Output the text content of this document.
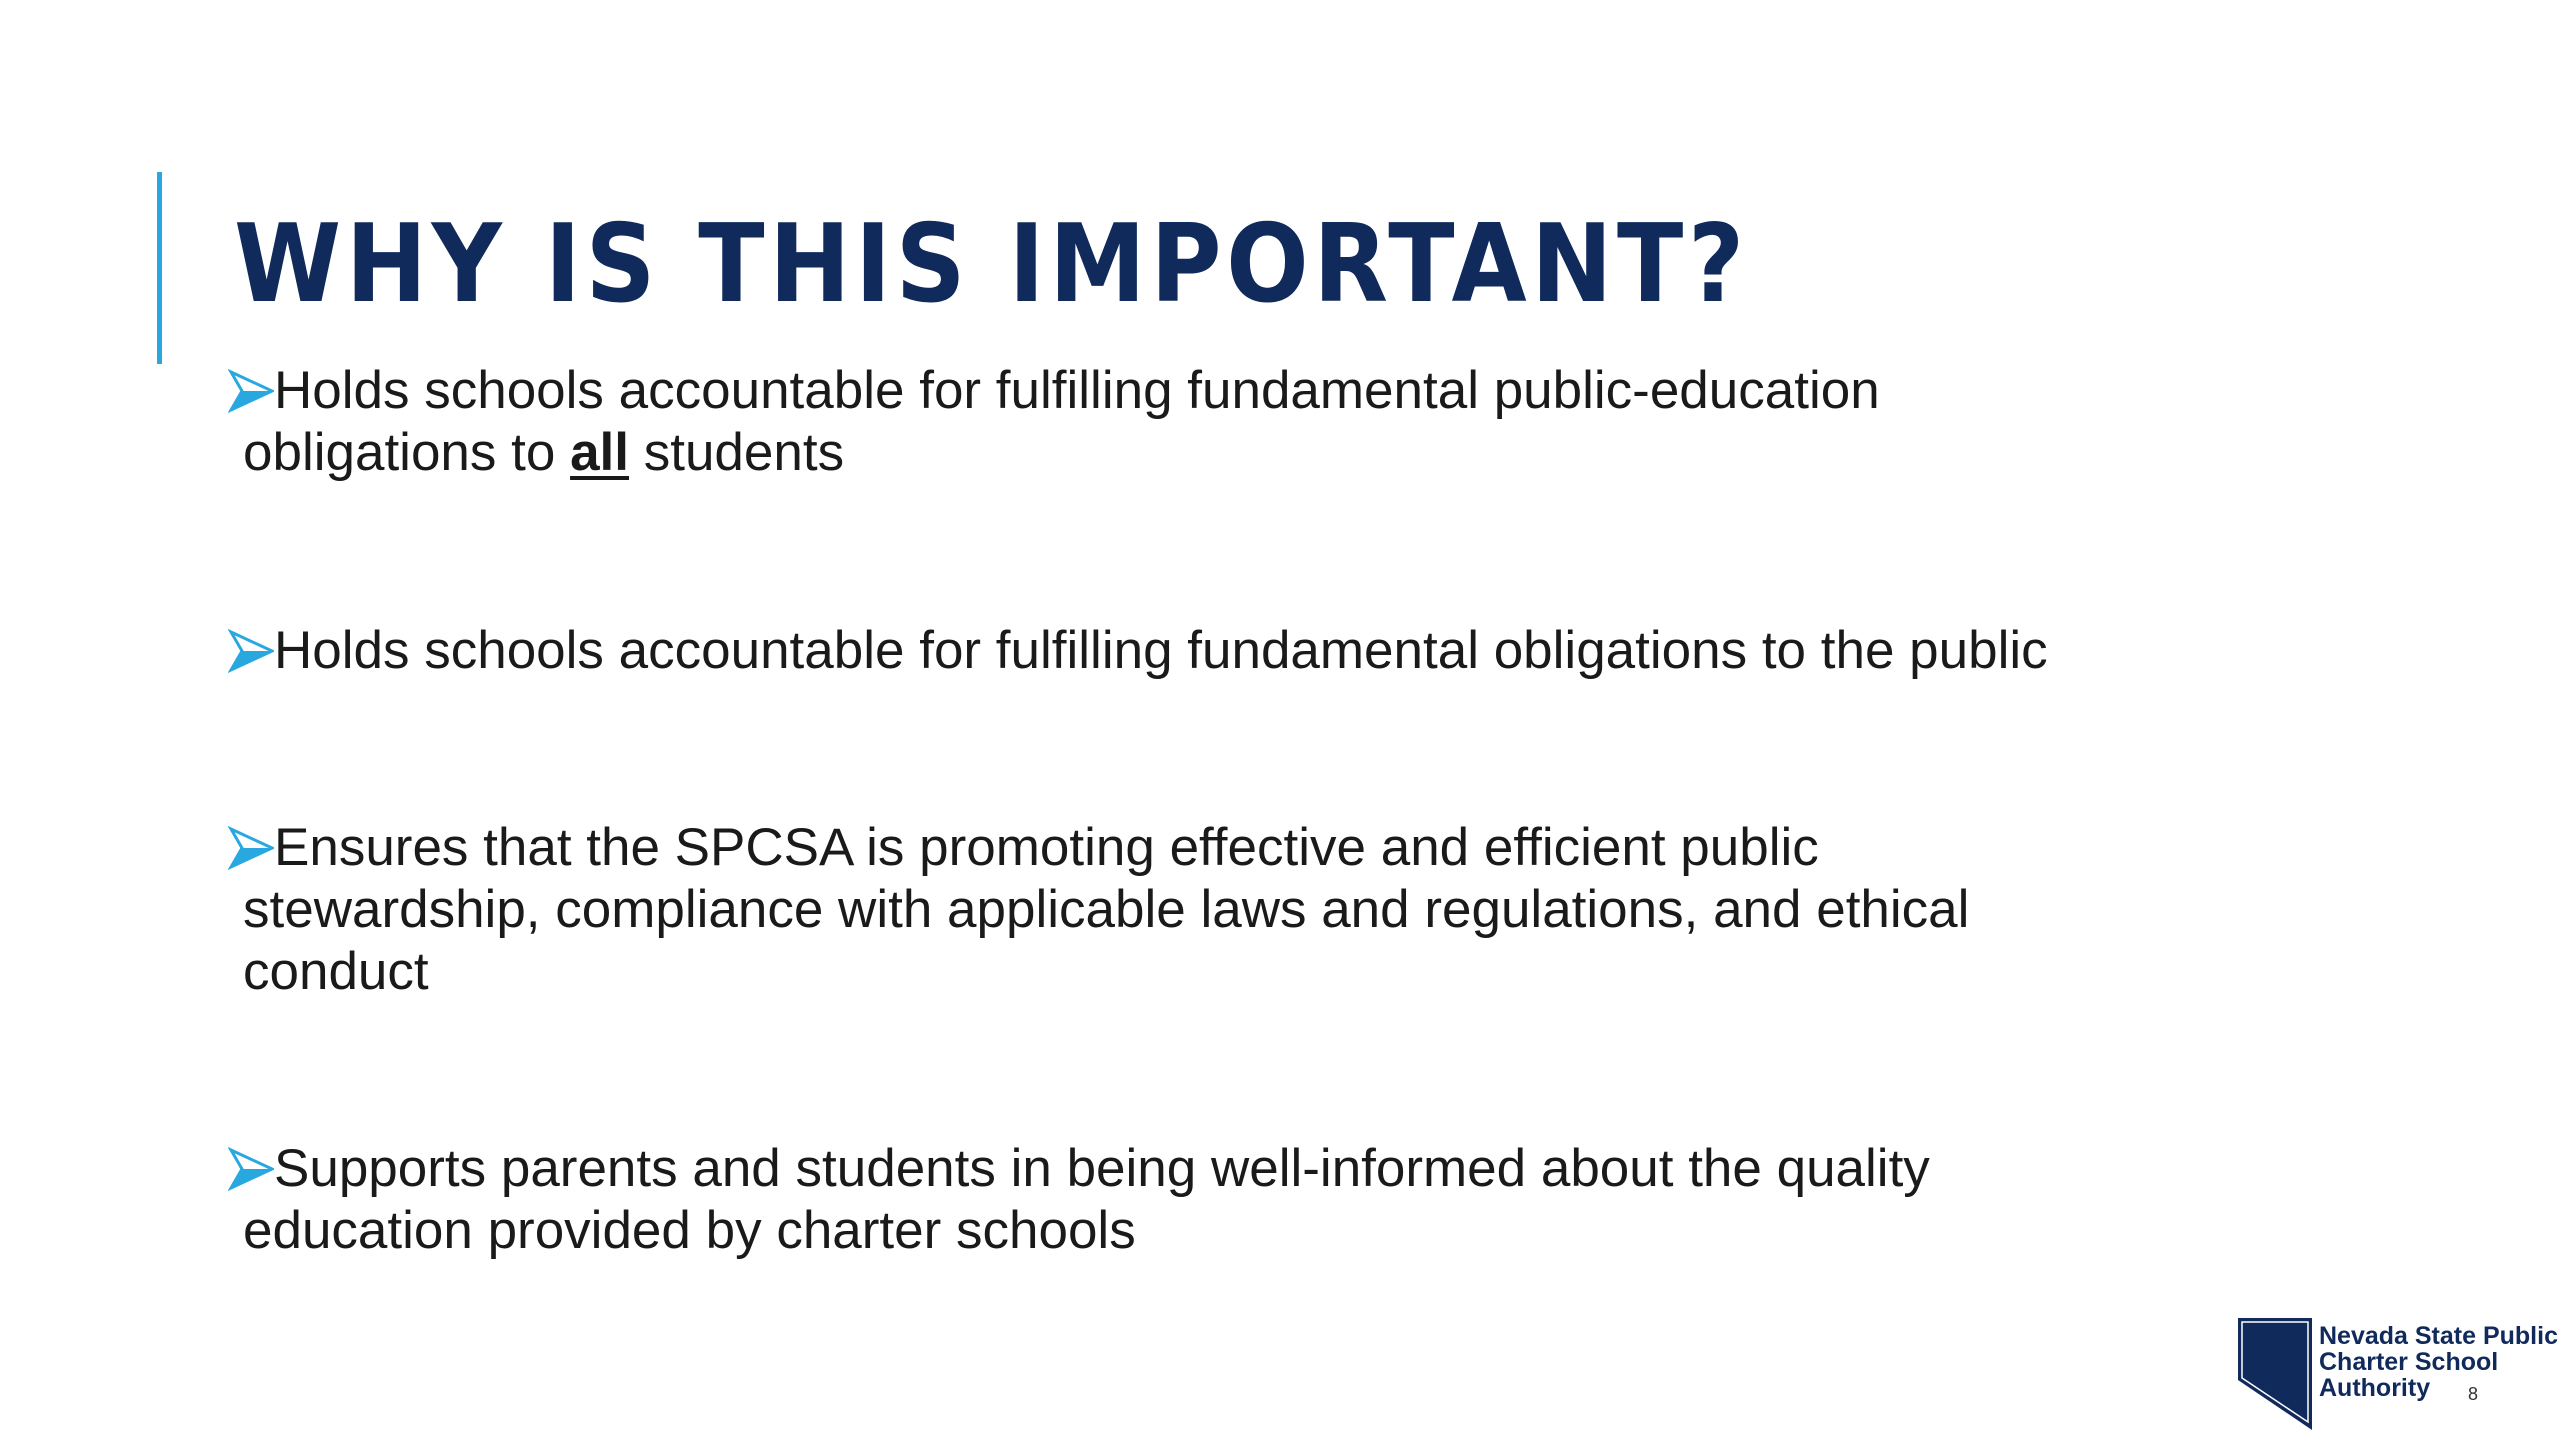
WHY IS THIS IMPORTANT?
Holds schools accountable for fulfilling fundamental public-education
obligations to all students
Holds schools accountable for fulfilling fundamental obligations to the public
Ensures that the SPCSA is promoting effective and efficient public
stewardship, compliance with applicable laws and regulations, and ethical
conduct
Supports parents and students in being well-informed about the quality
education provided by charter schools
Nevada State Public
Charter School
Authority	8
